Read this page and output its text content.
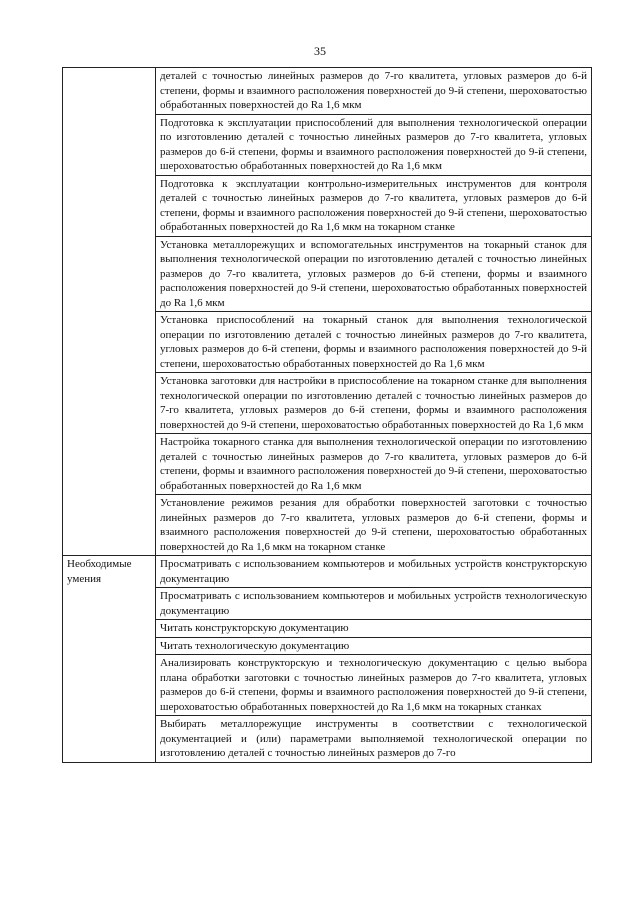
35
	деталей с точностью линейных размеров до 7-го квалитета, угловых размеров до 6-й степени, формы и взаимного расположения поверхностей до 9-й степени, шероховатостью обработанных поверхностей до Ra 1,6 мкм
	Подготовка к эксплуатации приспособлений для выполнения технологической операции по изготовлению деталей с точностью линейных размеров до 7-го квалитета, угловых размеров до 6-й степени, формы и взаимного расположения поверхностей до 9-й степени, шероховатостью обработанных поверхностей до Ra 1,6 мкм
	Подготовка к эксплуатации контрольно-измерительных инструментов для контроля деталей с точностью линейных размеров до 7-го квалитета, угловых размеров до 6-й степени, формы и взаимного расположения поверхностей до 9-й степени, шероховатостью обработанных поверхностей до Ra 1,6 мкм на токарном станке
	Установка металлорежущих и вспомогательных инструментов на токарный станок для выполнения технологической операции по изготовлению деталей с точностью линейных размеров до 7-го квалитета, угловых размеров до 6-й степени, формы и взаимного расположения поверхностей до 9-й степени, шероховатостью обработанных поверхностей до Ra 1,6 мкм
	Установка приспособлений на токарный станок для выполнения технологической операции по изготовлению деталей с точностью линейных размеров до 7-го квалитета, угловых размеров до 6-й степени, формы и взаимного расположения поверхностей до 9-й степени, шероховатостью обработанных поверхностей до Ra 1,6 мкм
	Установка заготовки для настройки в приспособление на токарном станке для выполнения технологической операции по изготовлению деталей с точностью линейных размеров до 7-го квалитета, угловых размеров до 6-й степени, формы и взаимного расположения поверхностей до 9-й степени, шероховатостью обработанных поверхностей до Ra 1,6 мкм
	Настройка токарного станка для выполнения технологической операции по изготовлению деталей с точностью линейных размеров до 7-го квалитета, угловых размеров до 6-й степени, формы и взаимного расположения поверхностей до 9-й степени, шероховатостью обработанных поверхностей до Ra 1,6 мкм
	Установление режимов резания для обработки поверхностей заготовки с точностью линейных размеров до 7-го квалитета, угловых размеров до 6-й степени, формы и взаимного расположения поверхностей до 9-й степени, шероховатостью обработанных поверхностей до Ra 1,6 мкм на токарном станке
Необходимые умения	Просматривать с использованием компьютеров и мобильных устройств конструкторскую документацию
	Просматривать с использованием компьютеров и мобильных устройств технологическую документацию
	Читать конструкторскую документацию
	Читать технологическую документацию
	Анализировать конструкторскую и технологическую документацию с целью выбора плана обработки заготовки с точностью линейных размеров до 7-го квалитета, угловых размеров до 6-й степени, формы и взаимного расположения поверхностей до 9-й степени, шероховатостью обработанных поверхностей до Ra 1,6 мкм на токарных станках
	Выбирать металлорежущие инструменты в соответствии с технологической документацией и (или) параметрами выполняемой технологической операции по изготовлению деталей с точностью линейных размеров до 7-го
